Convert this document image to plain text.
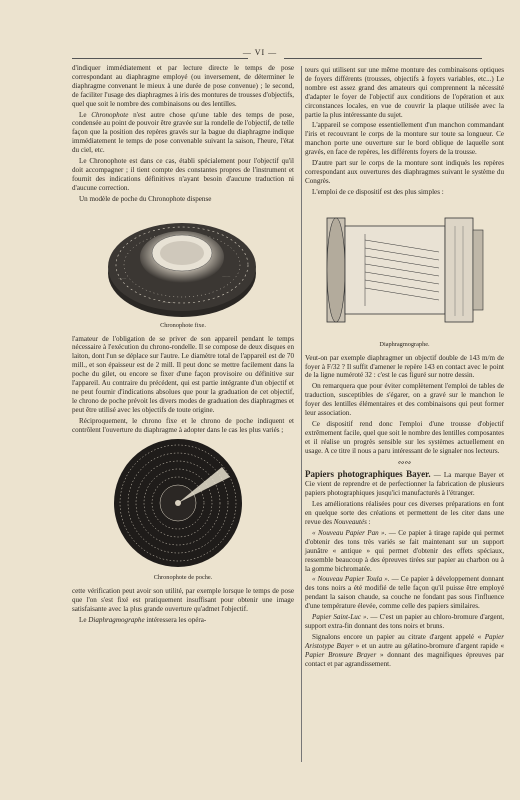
— VI —

d'indiquer immédiatement et par lecture directe le temps de pose correspondant au diaphragme employé (ou inversement, de déterminer le diaphragme convenant le mieux à une durée de pose convenue) ; le second, de faciliter l'usage des diaphragmes à iris des montures de trousses d'objectifs, quel que soit le nombre des combinaisons ou des lentilles.

Le Chronophote n'est autre chose qu'une table des temps de pose, condensée au point de pouvoir être gravée sur la rondelle de l'objectif, de telle façon que la position des repères gravés sur la bague du diaphragme indique immédiatement le temps de pose convenable suivant la saison, l'heure, l'état du ciel, etc.

Le Chronophote est dans ce cas, établi spécialement pour l'objectif qu'il doit accompagner ; il tient compte des constantes propres de l'instrument et fournit des indications définitives n'ayant besoin d'aucune traduction ni d'aucune correction.

Un modèle de poche du Chronophote dispense

..........
..........
..............
Chronophote fixe.

l'amateur de l'obligation de se priver de son appareil pendant le temps nécessaire à l'exécution du chrono-rondelle. Il se compose de deux disques en laiton, dont l'un se déplace sur l'autre. Le diamètre total de l'appareil est de 70 mill., et son épaisseur est de 2 mill. Il peut donc se mettre facilement dans la poche du gilet, ou encore se fixer d'une façon provisoire ou définitive sur l'appareil. Au contraire du précédent, qui est partie intégrante d'un objectif et ne peut fournir d'indications absolues que pour la graduation de cet objectif, le chrono de poche prévoit les divers modes de graduation des diaphragmes et peut être utilisé avec les objectifs de toute origine.

Réciproquement, le chrono fixe et le chrono de poche indiquent et contrôlent l'ouverture du diaphragme à adopter dans le cas les plus variés ;

Chronophote de poche.

cette vérification peut avoir son utilité, par exemple lorsque le temps de pose que l'on s'est fixé est pratiquement insuffisant pour obtenir une image satisfaisante avec la plus grande ouverture qu'admet l'objectif.

Le Diaphragmographe intéressera les opéra-

teurs qui utilisent sur une même monture des combinaisons optiques de foyers différents (trousses, objectifs à foyers variables, etc...) Le nombre est assez grand des amateurs qui comprennent la nécessité d'adapter le foyer de l'objectif aux conditions de l'opération et aux circonstances locales, en vue de couvrir la plaque utilisée avec la partie la plus intéressante du sujet.

L'appareil se compose essentiellement d'un manchon commandant l'iris et recouvrant le corps de la monture sur toute sa longueur. Ce manchon porte une ouverture sur le bord oblique de laquelle sont gravés, en face de repères, les différents foyers de la trousse.

D'autre part sur le corps de la monture sont indiqués les repères correspondant aux ouvertures des diaphragmes suivant le système du Congrès.

L'emploi de ce dispositif est des plus simples :

Diaphragmographe.

Veut-on par exemple diaphragmer un objectif double de 143 m/m de foyer à F/32 ? Il suffit d'amener le repère 143 en contact avec le point de la ligne numéroté 32 : c'est le cas figuré sur notre dessin.

On remarquera que pour éviter complètement l'emploi de tables de traduction, susceptibles de s'égarer, on a gravé sur le manchon le foyer des lentilles élémentaires et des combinaisons qui peut former leur association.

Ce dispositif rend donc l'emploi d'une trousse d'objectif extrêmement facile, quel que soit le nombre des lentilles composantes et il réalise un progrès sensible sur les systèmes actuellement en usage. A ce titre il nous a paru intéressant de le signaler nos lecteurs.

∾∾

Papiers photographiques Bayer. — La marque Bayer et Cie vient de reprendre et de perfectionner la fabrication de plusieurs papiers photographiques jusqu'ici manufacturés à l'étranger.

Les améliorations réalisées pour ces diverses préparations en font en quelque sorte des créations et permettent de les citer dans une revue des Nouveautés :

« Nouveau Papier Pan ». — Ce papier à tirage rapide qui permet d'obtenir des tons très variés se fait maintenant sur un support jaunâtre « antique » qui permet d'obtenir des effets spéciaux, ressemble beaucoup à des épreuves tirées sur papier au charbon ou à la gomme bichromatée.

« Nouveau Papier Toula ». — Ce papier à développement donnant des tons noirs a été modifié de telle façon qu'il puisse être employé pendant la saison chaude, sa couche ne fondant pas sous l'influence d'une température élevée, comme celle des papiers similaires.

Papier Saint-Luc ». — C'est un papier au chloro-bromure d'argent, support extra-fin donnant des tons noirs et bruns.

Signalons encore un papier au citrate d'argent appelé « Papier Aristotype Bayer » et un autre au gélatino-bromure d'argent rapide « Papier Bromure Brayer » donnant des magnifiques épreuves par contact et par agrandissement.
